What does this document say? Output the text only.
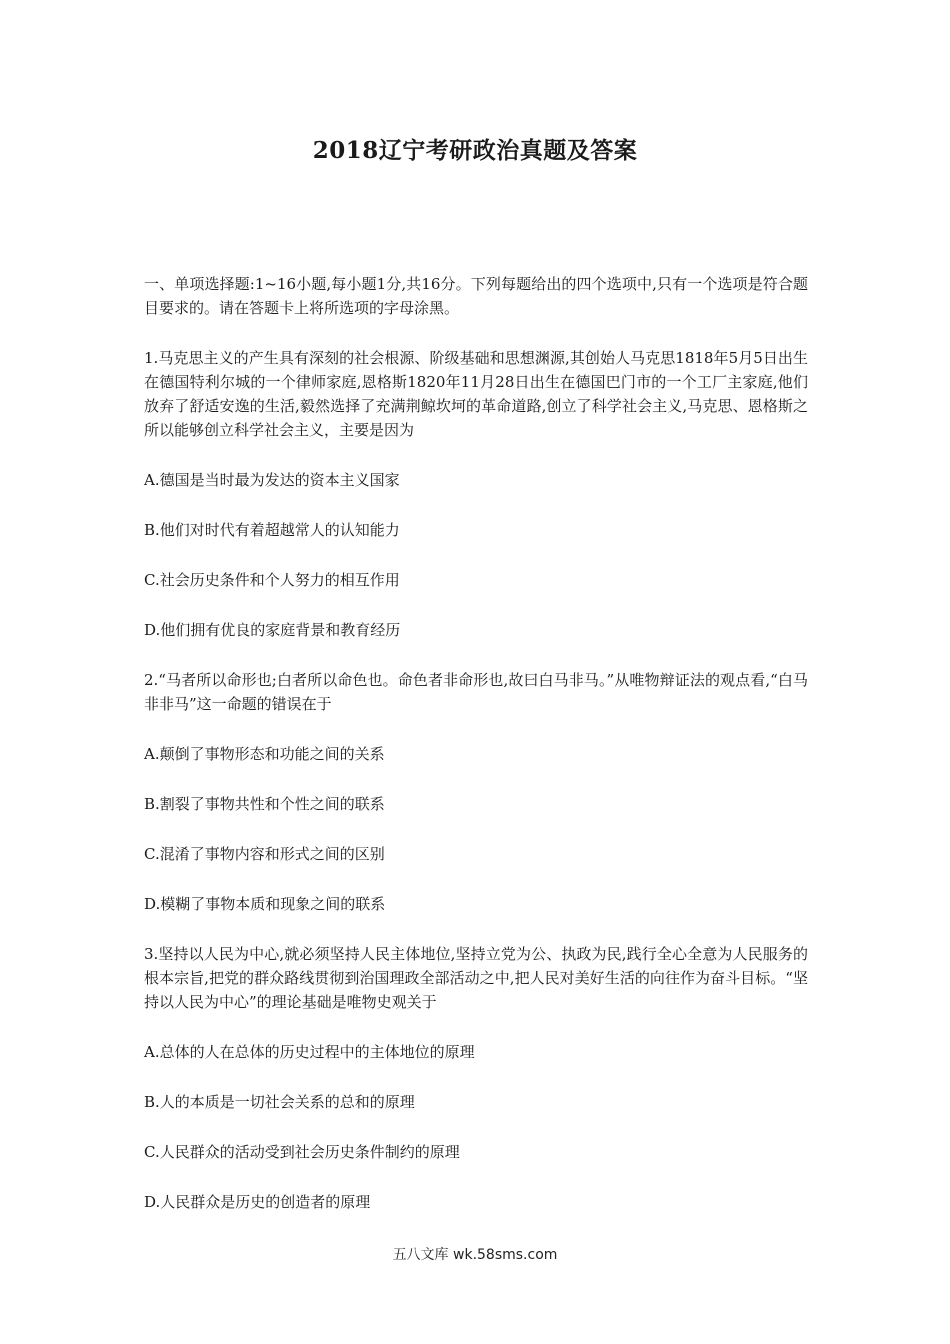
2018辽宁考研政治真题及答案

一、单项选择题:1~16小题,每小题1分,共16分。下列每题给出的四个选项中,只有一个选项是符合题目要求的。请在答题卡上将所选项的字母涂黑。

1.马克思主义的产生具有深刻的社会根源、阶级基础和思想渊源,其创始人马克思1818年5月5日出生在德国特利尔城的一个律师家庭,恩格斯1820年11月28日出生在德国巴门市的一个工厂主家庭,他们放弃了舒适安逸的生活,毅然选择了充满荆鲸坎坷的革命道路,创立了科学社会主义,马克思、恩格斯之所以能够创立科学社会主义，主要是因为

A.德国是当时最为发达的资本主义国家

B.他们对时代有着超越常人的认知能力

C.社会历史条件和个人努力的相互作用

D.他们拥有优良的家庭背景和教育经历

2.“马者所以命形也;白者所以命色也。命色者非命形也,故曰白马非马。”从唯物辩证法的观点看,“白马非非马”这一命题的错误在于

A.颠倒了事物形态和功能之间的关系

B.割裂了事物共性和个性之间的联系

C.混淆了事物内容和形式之间的区别

D.模糊了事物本质和现象之间的联系

3.坚持以人民为中心,就必须坚持人民主体地位,坚持立党为公、执政为民,践行全心全意为人民服务的根本宗旨,把党的群众路线贯彻到治国理政全部活动之中,把人民对美好生活的向往作为奋斗目标。“坚持以人民为中心”的理论基础是唯物史观关于

A.总体的人在总体的历史过程中的主体地位的原理

B.人的本质是一切社会关系的总和的原理

C.人民群众的活动受到社会历史条件制约的原理

D.人民群众是历史的创造者的原理

五八文库 wk.58sms.com
